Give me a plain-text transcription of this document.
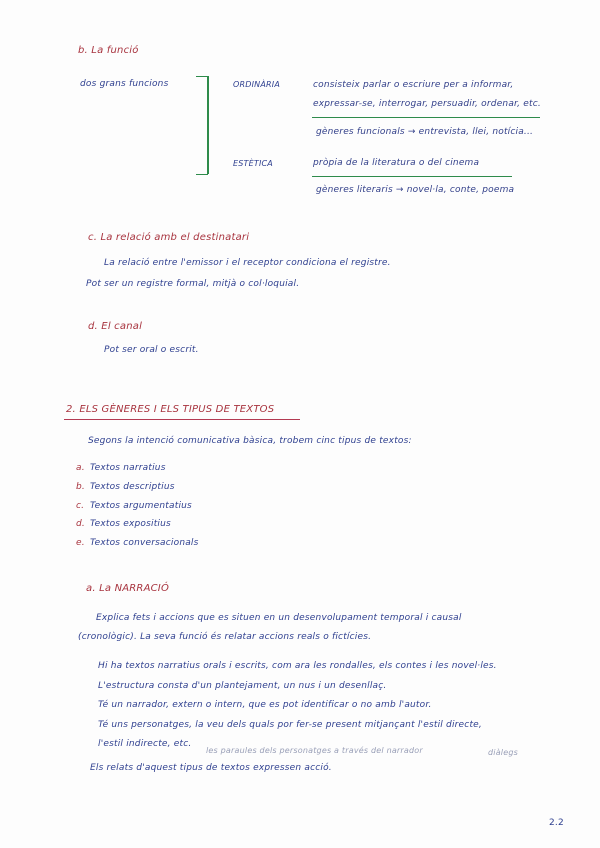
b. La funció
dos grans funcions	ORDINÀRIA	consisteix parlar o escriure per a informar,
expressar-se, interrogar, persuadir, ordenar, etc.
gèneres funcionals → entrevista, llei, notícia...
ESTÈTICA	pròpia de la literatura o del cinema
gèneres literaris → novel·la, conte, poema
c. La relació amb el destinatari
La relació entre l'emissor i el receptor condiciona el registre.
Pot ser un registre formal, mitjà o col·loquial.
d. El canal
Pot ser oral o escrit.
2. ELS GÈNERES I ELS TIPUS DE TEXTOS
Segons la intenció comunicativa bàsica, trobem cinc tipus de textos:
a. Textos narratius
b. Textos descriptius
c. Textos argumentatius
d. Textos expositius
e. Textos conversacionals
a. La NARRACIÓ
Explica fets i accions que es situen en un desenvolupament temporal i causal
(cronològic). La seva funció és relatar accions reals o fictícies.
Hi ha textos narratius orals i escrits, com ara les rondalles, els contes i les novel·les.
L'estructura consta d'un plantejament, un nus i un desenllaç.
Té un narrador, extern o intern, que es pot identificar o no amb l'autor.
Té uns personatges, la veu dels quals por fer-se present mitjançant l'estil directe,
l'estil indirecte, etc.
les paraules dels personatges a través del narrador	diàlegs
Els relats d'aquest tipus de textos expressen acció.
2.2
